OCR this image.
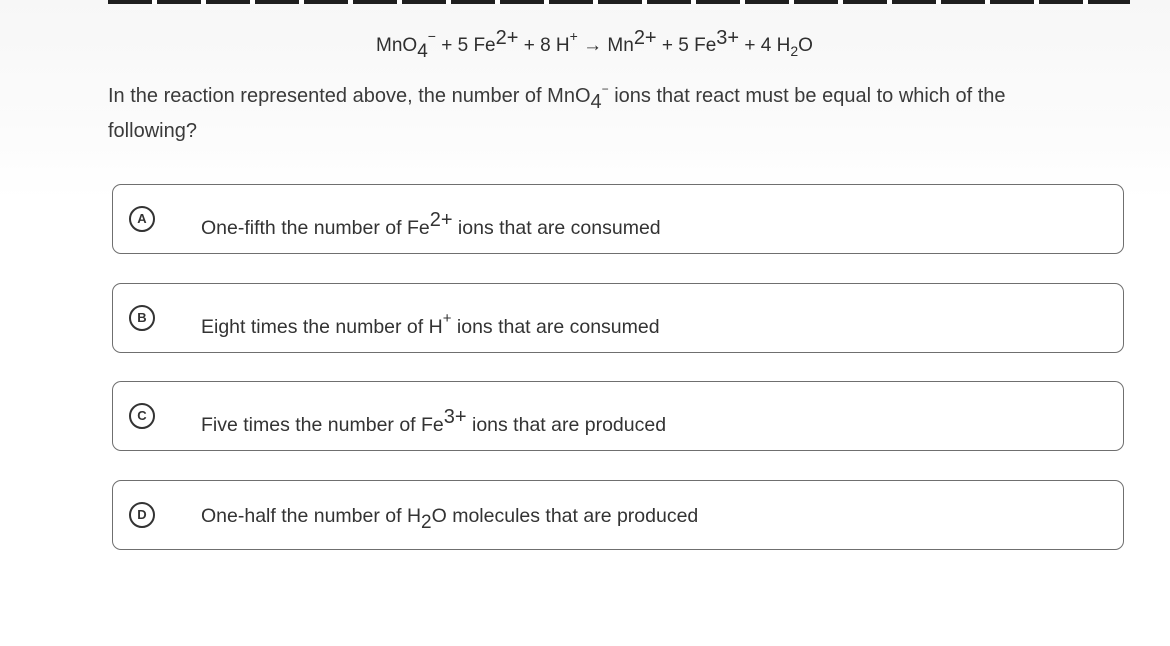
MnO4− + 5 Fe2+ + 8 H+ → Mn2+ + 5 Fe3+ + 4 $H_2O$
In the reaction represented above, the number of MnO4− ions that react must be equal to which of the following?
A	One-fifth the number of Fe2+ ions that are consumed
B	Eight times the number of H+ ions that are consumed
C	Five times the number of Fe3+ ions that are produced
D	One-half the number of H2O molecules that are produced
